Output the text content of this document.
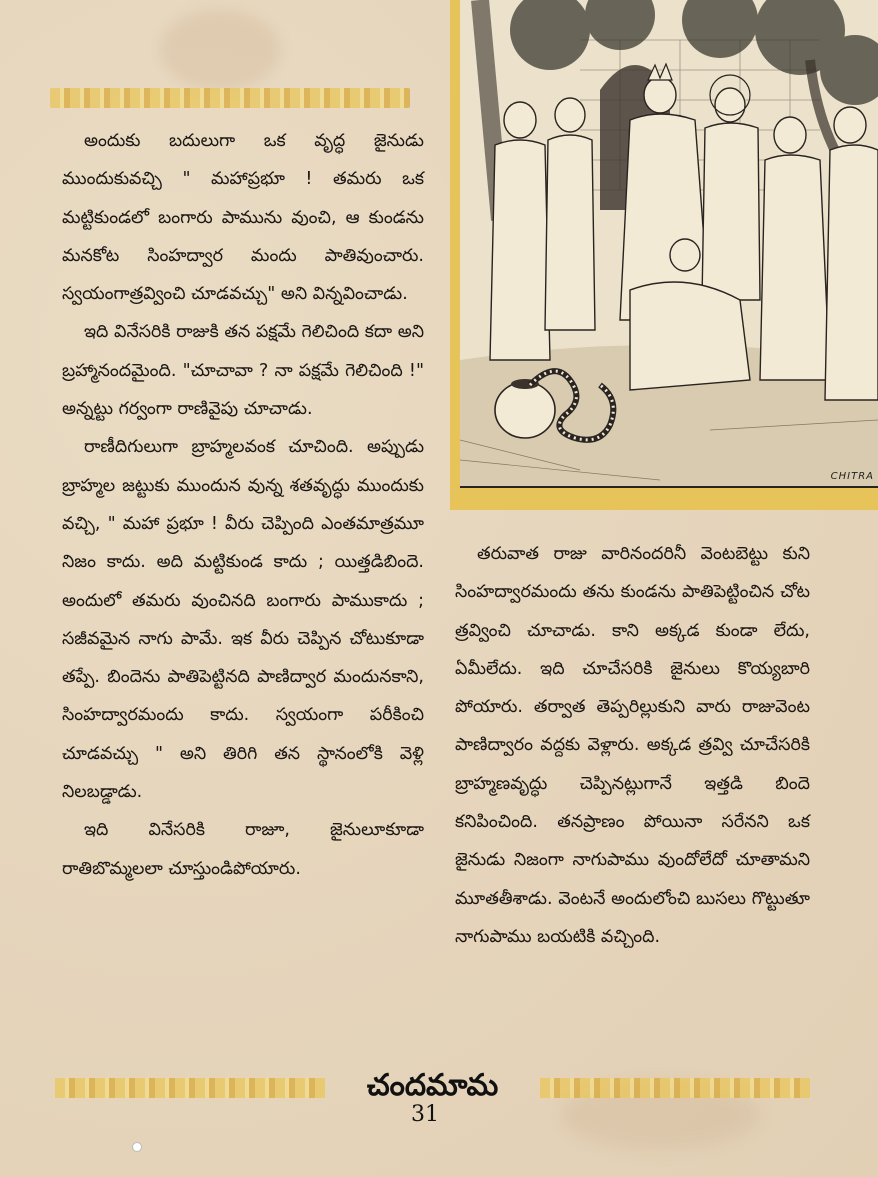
CHITRA

అందుకు బదులుగా ఒక వృద్ధ జైనుడు ముందుకువచ్చి " మహాప్రభూ ! తమరు ఒక మట్టికుండలో బంగారు పామును వుంచి, ఆ కుండను మనకోట సింహద్వార మందు పాతివుంచారు. స్వయంగాత్రవ్వించి చూడవచ్చు" అని విన్నవించాడు.

ఇది వినేసరికి రాజుకి తన పక్షమే గెలిచింది కదా అని బ్రహ్మానందమైంది. "చూచావా ? నా పక్షమే గెలిచింది !" అన్నట్టు గర్వంగా రాణివైపు చూచాడు.

రాణీదిగులుగా బ్రాహ్మలవంక చూచింది. అప్పుడు బ్రాహ్మల జట్టుకు ముందున వున్న శతవృద్ధు ముందుకు వచ్చి, " మహా ప్రభూ ! వీరు చెప్పింది ఎంతమాత్రమూ నిజం కాదు. అది మట్టికుండ కాదు ; యిత్తడిబిందె. అందులో తమరు వుంచినది బంగారు పాముకాదు ; సజీవమైన నాగు పామే. ఇక వీరు చెప్పిన చోటుకూడా తప్పే. బిందెను పాతిపెట్టినది పాణిద్వార మందునకాని, సింహద్వారమందు కాదు. స్వయంగా పరీకించి చూడవచ్చు " అని తిరిగి తన స్థానంలోకి వెళ్లి నిలబడ్డాడు.

ఇది వినేసరికి రాజూ, జైనులూకూడా రాతిబొమ్మలలా చూస్తుండిపోయారు.

తరువాత రాజు వారినందరినీ వెంటబెట్టు కుని సింహద్వారమందు తను కుండను పాతిపెట్టించిన చోట త్రవ్వించి చూచాడు. కాని అక్కడ కుండా లేదు, ఏమీలేదు. ఇది చూచేసరికి జైనులు కొయ్యబారి పోయారు. తర్వాత తెప్పరిల్లుకుని వారు రాజువెంట పాణిద్వారం వద్దకు వెళ్లారు. అక్కడ త్రవ్వి చూచేసరికి బ్రాహ్మణవృద్ధు చెప్పినట్లుగానే ఇత్తడి బిందె కనిపించింది. తనప్రాణం పోయినా సరేనని ఒక జైనుడు నిజంగా నాగుపాము వుందోలేదో చూతామని మూతతీశాడు. వెంటనే అందులోంచి బుసలు గొట్టుతూ నాగుపాము బయటికి వచ్చింది.

చందమామ
31
